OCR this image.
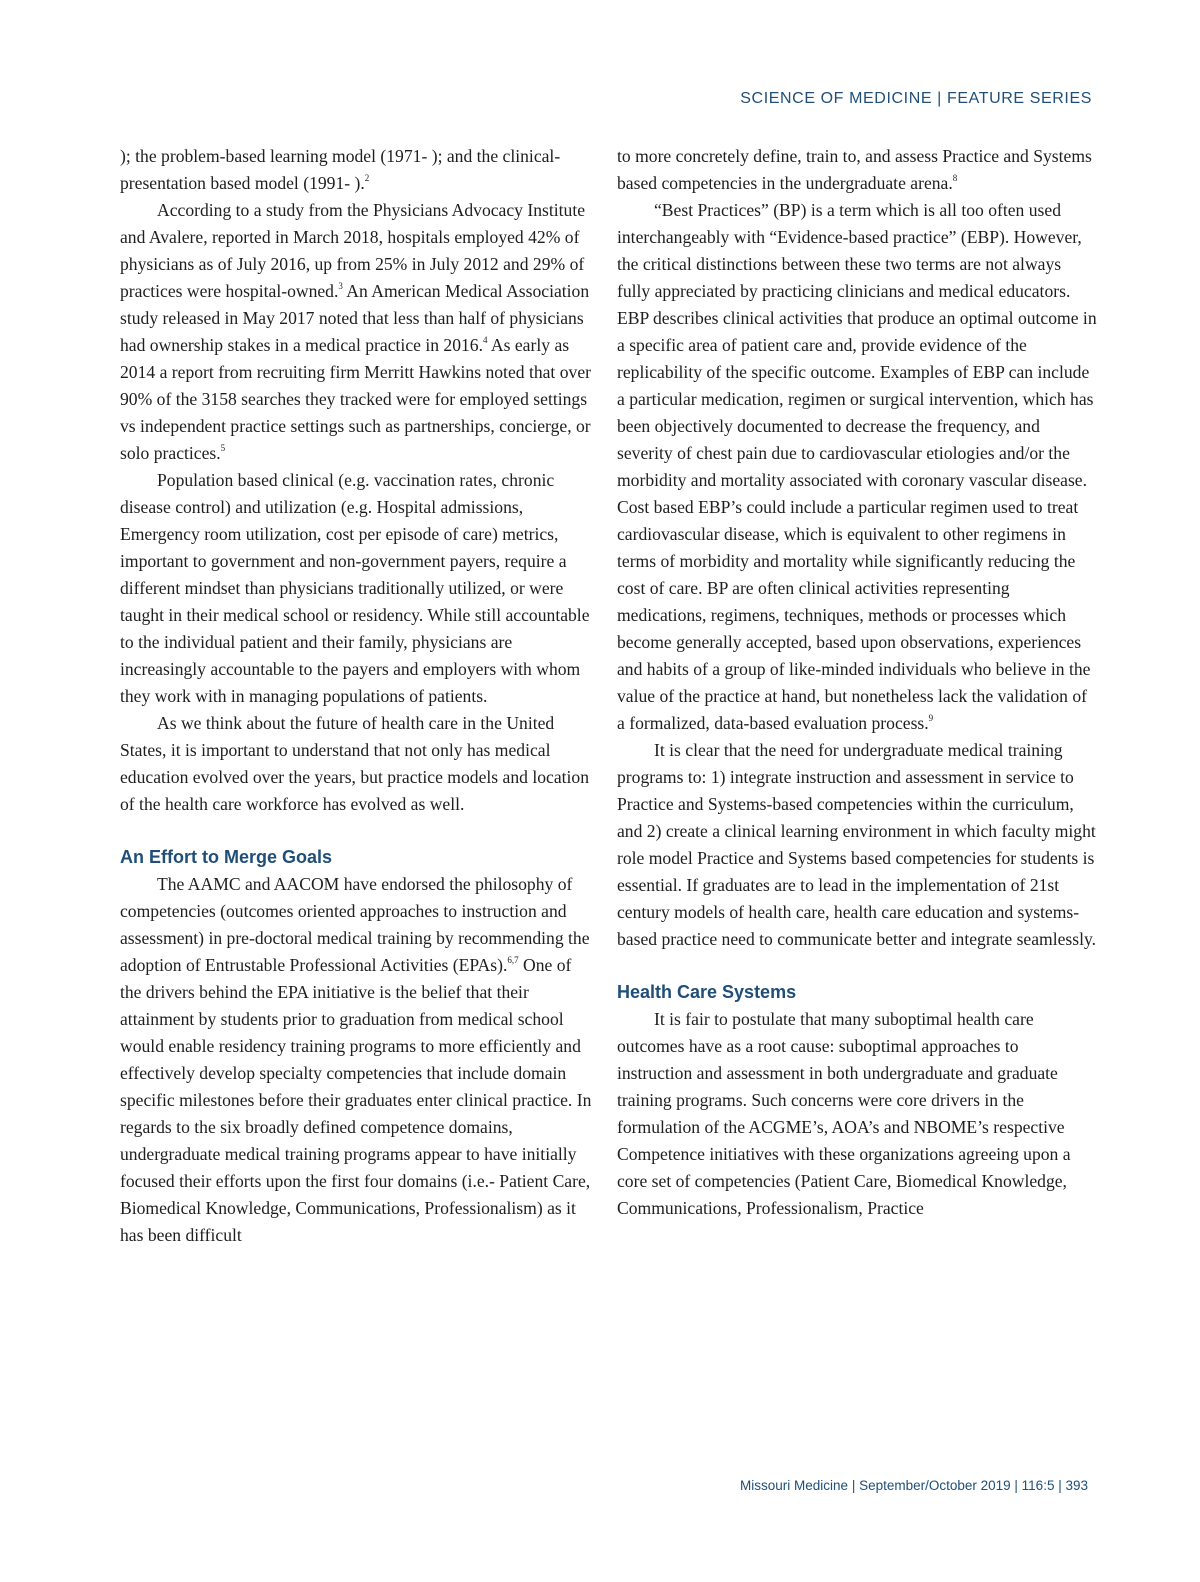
SCIENCE OF MEDICINE | FEATURE SERIES

); the problem-based learning model (1971- ); and the clinical-presentation based model (1991- ).$^2$

According to a study from the Physicians Advocacy Institute and Avalere, reported in March 2018, hospitals employed 42% of physicians as of July 2016, up from 25% in July 2012 and 29% of practices were hospital-owned.$^3$ An American Medical Association study released in May 2017 noted that less than half of physicians had ownership stakes in a medical practice in 2016.$^4$ As early as 2014 a report from recruiting firm Merritt Hawkins noted that over 90% of the 3158 searches they tracked were for employed settings vs independent practice settings such as partnerships, concierge, or solo practices.$^5$

Population based clinical (e.g. vaccination rates, chronic disease control) and utilization (e.g. Hospital admissions, Emergency room utilization, cost per episode of care) metrics, important to government and non-government payers, require a different mindset than physicians traditionally utilized, or were taught in their medical school or residency. While still accountable to the individual patient and their family, physicians are increasingly accountable to the payers and employers with whom they work with in managing populations of patients.

As we think about the future of health care in the United States, it is important to understand that not only has medical education evolved over the years, but practice models and location of the health care workforce has evolved as well.

An Effort to Merge Goals

The AAMC and AACOM have endorsed the philosophy of competencies (outcomes oriented approaches to instruction and assessment) in pre-doctoral medical training by recommending the adoption of Entrustable Professional Activities (EPAs).$^{6,7}$ One of the drivers behind the EPA initiative is the belief that their attainment by students prior to graduation from medical school would enable residency training programs to more efficiently and effectively develop specialty competencies that include domain specific milestones before their graduates enter clinical practice. In regards to the six broadly defined competence domains, undergraduate medical training programs appear to have initially focused their efforts upon the first four domains (i.e.- Patient Care, Biomedical Knowledge, Communications, Professionalism) as it has been difficult

to more concretely define, train to, and assess Practice and Systems based competencies in the undergraduate arena.$^8$

“Best Practices” (BP) is a term which is all too often used interchangeably with “Evidence-based practice” (EBP). However, the critical distinctions between these two terms are not always fully appreciated by practicing clinicians and medical educators. EBP describes clinical activities that produce an optimal outcome in a specific area of patient care and, provide evidence of the replicability of the specific outcome. Examples of EBP can include a particular medication, regimen or surgical intervention, which has been objectively documented to decrease the frequency, and severity of chest pain due to cardiovascular etiologies and/or the morbidity and mortality associated with coronary vascular disease. Cost based EBP’s could include a particular regimen used to treat cardiovascular disease, which is equivalent to other regimens in terms of morbidity and mortality while significantly reducing the cost of care. BP are often clinical activities representing medications, regimens, techniques, methods or processes which become generally accepted, based upon observations, experiences and habits of a group of like-minded individuals who believe in the value of the practice at hand, but nonetheless lack the validation of a formalized, data-based evaluation process.$^9$

It is clear that the need for undergraduate medical training programs to: 1) integrate instruction and assessment in service to Practice and Systems-based competencies within the curriculum, and 2) create a clinical learning environment in which faculty might role model Practice and Systems based competencies for students is essential. If graduates are to lead in the implementation of 21st century models of health care, health care education and systems-based practice need to communicate better and integrate seamlessly.

Health Care Systems

It is fair to postulate that many suboptimal health care outcomes have as a root cause: suboptimal approaches to instruction and assessment in both undergraduate and graduate training programs. Such concerns were core drivers in the formulation of the ACGME’s, AOA’s and NBOME’s respective Competence initiatives with these organizations agreeing upon a core set of competencies (Patient Care, Biomedical Knowledge, Communications, Professionalism, Practice

Missouri Medicine | September/October 2019 | 116:5 | 393
